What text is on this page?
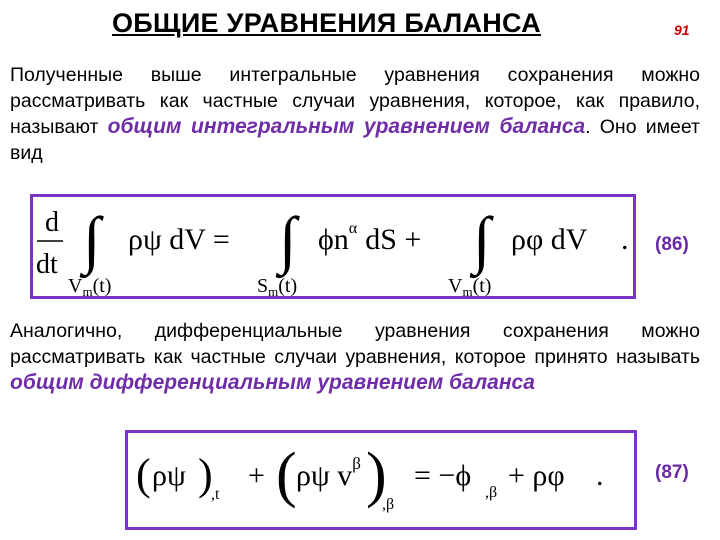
ОБЩИЕ УРАВНЕНИЯ БАЛАНСА	91
Полученные выше интегральные уравнения сохранения можно рассматривать как частные случаи уравнения, которое, как правило, называют общим интегральным уравнением баланса. Оно имеет вид
d
dt ∫
$V_m(t)$
ρψ dV = ∫
$S_m(t)$
$\phi n^\alpha$ dS + ∫
$V_m(t)$
ρφ dV . (86)
Аналогично, дифференциальные уравнения сохранения можно рассматривать как частные случаи уравнения, которое принято называть общим дифференциальным уравнением баланса
( ρψ )
,t
+ ( ρψ $v^\beta$ )
,β
= −ϕ
,β
+ ρφ .	(87)
